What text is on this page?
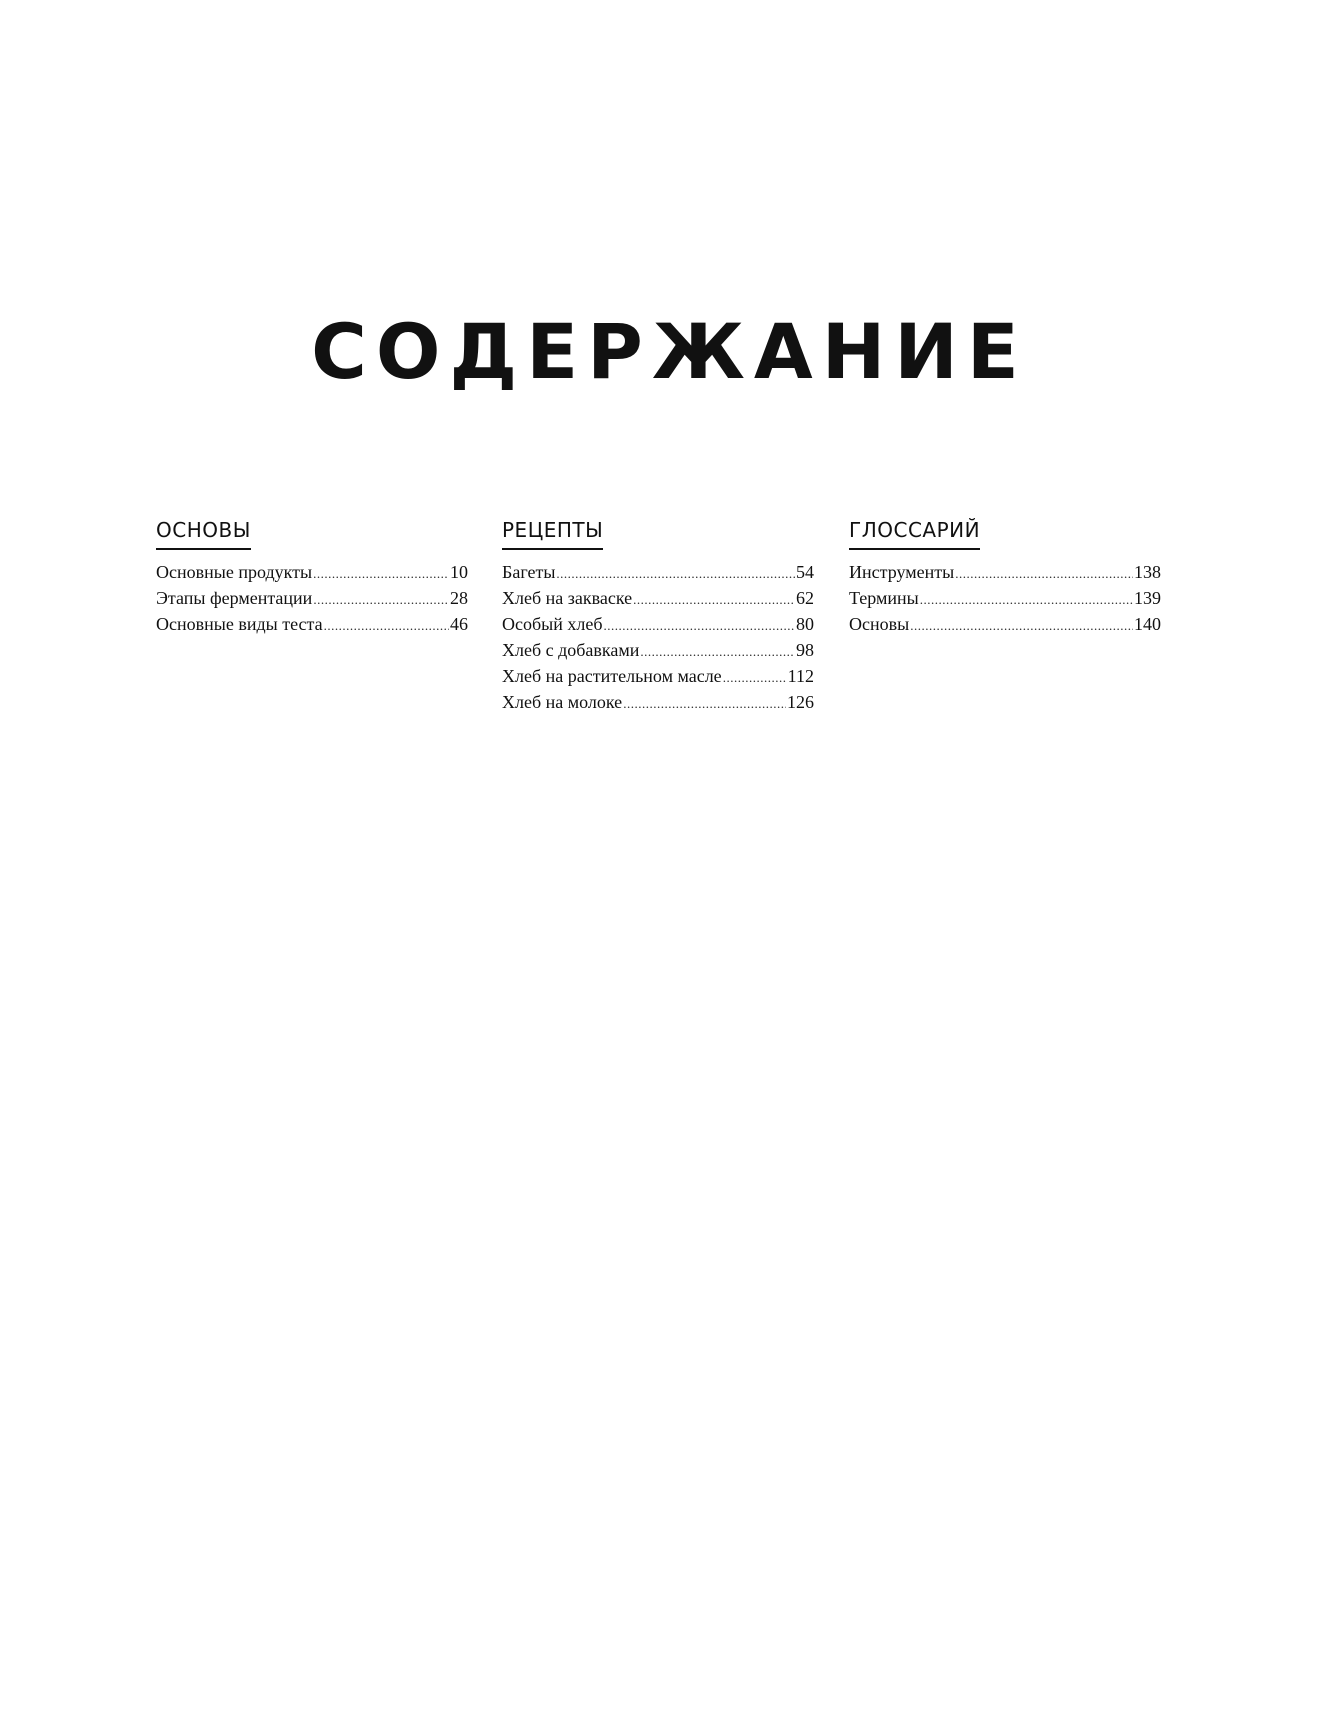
СОДЕРЖАНИЕ
ОСНОВЫ
Основные продукты .....	10
Этапы ферментации .....	28
Основные виды теста .....	46
РЕЦЕПТЫ
Багеты .....	54
Хлеб на закваске .....	62
Особый хлеб .....	80
Хлеб с добавками .....	98
Хлеб на растительном масле .....	112
Хлеб на молоке .....	126
ГЛОССАРИЙ
Инструменты .....	138
Термины .....	139
Основы .....	140
